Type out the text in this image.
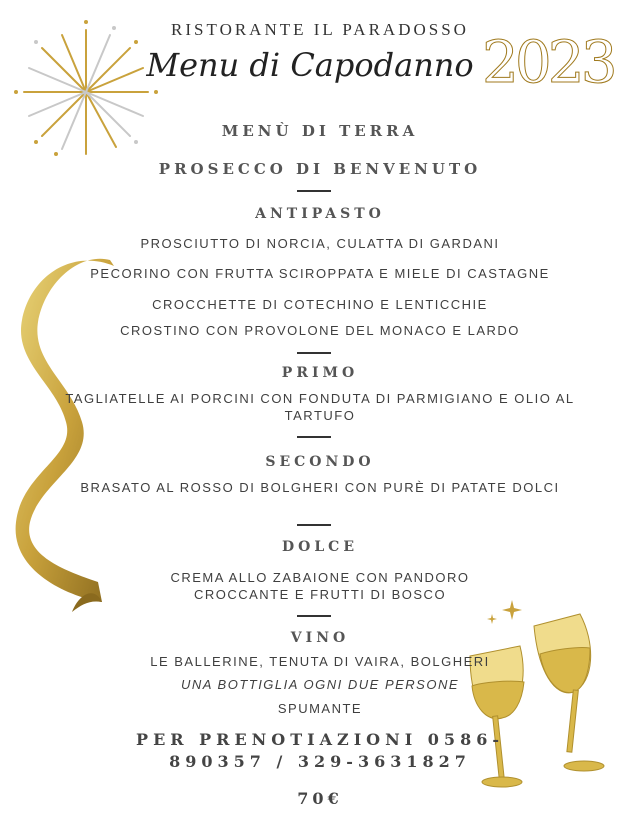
RISTORANTE IL PARADOSSO
Menu di Capodanno 2023
MENÙ DI TERRA
PROSECCO DI BENVENUTO
ANTIPASTO
PROSCIUTTO DI NORCIA, CULATTA DI GARDANI
PECORINO CON FRUTTA SCIROPPATA E MIELE DI CASTAGNE
CROCCHETTE DI COTECHINO E LENTICCHIE
CROSTINO CON PROVOLONE DEL MONACO E LARDO
PRIMO
TAGLIATELLE AI PORCINI CON FONDUTA DI PARMIGIANO E OLIO AL
TARTUFO
SECONDO
BRASATO AL ROSSO DI BOLGHERI CON PURÈ DI PATATE DOLCI
DOLCE
CREMA ALLO ZABAIONE CON PANDORO
CROCCANTE E FRUTTI DI BOSCO
VINO
LE BALLERINE, TENUTA DI VAIRA, BOLGHERI
UNA BOTTIGLIA OGNI DUE PERSONE
SPUMANTE
PER PRENOTIAZIONI 0586-
890357 / 329-3631827
70€
